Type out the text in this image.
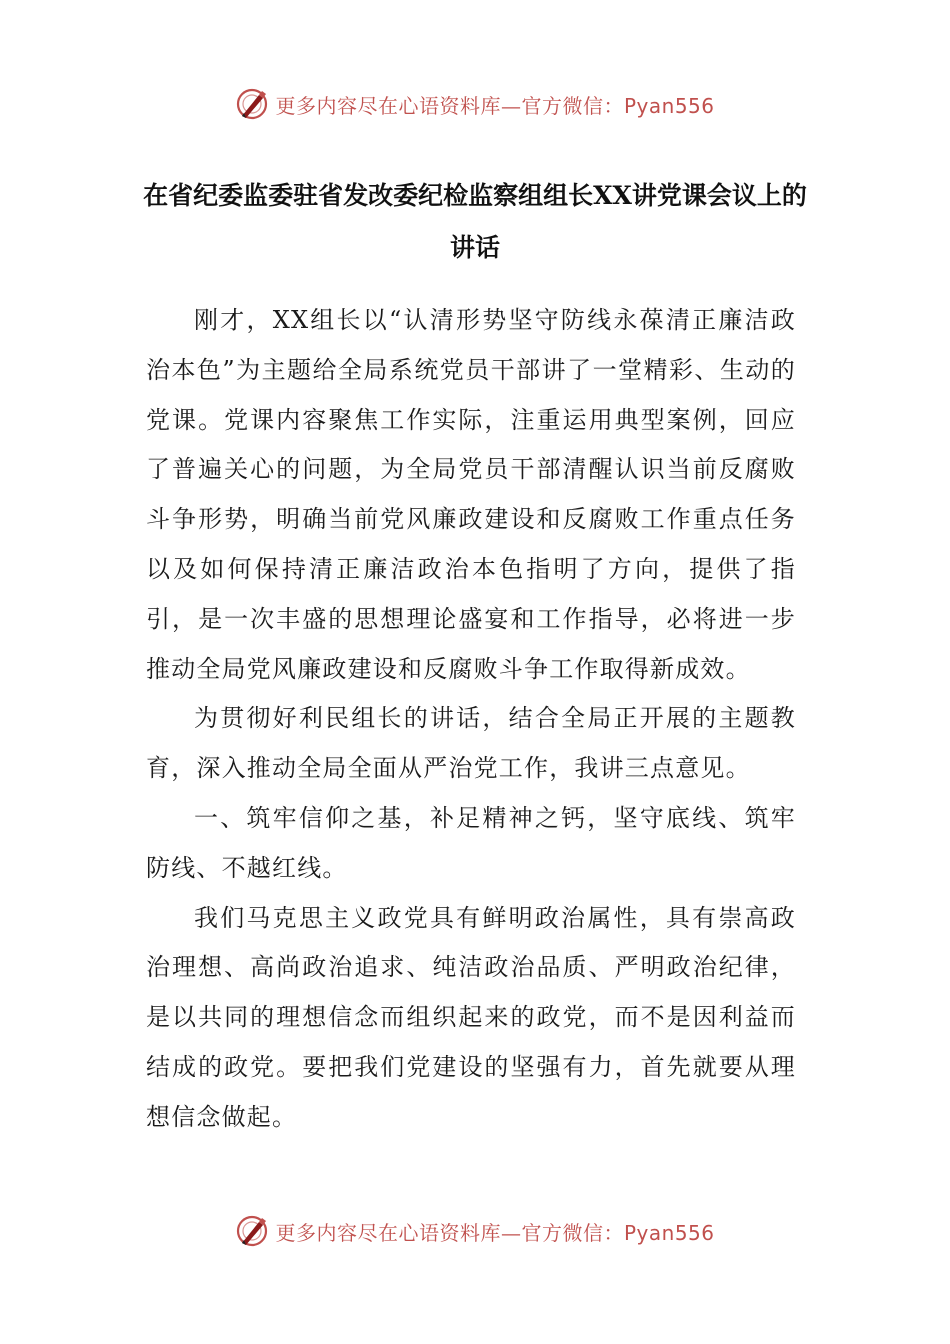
更多内容尽在心语资料库—官方微信：Pyan556
在省纪委监委驻省发改委纪检监察组组长XX讲党课会议上的讲话

刚才，XX组长以“认清形势坚守防线永葆清正廉洁政治本色”为主题给全局系统党员干部讲了一堂精彩、生动的党课。党课内容聚焦工作实际，注重运用典型案例，回应了普遍关心的问题，为全局党员干部清醒认识当前反腐败斗争形势，明确当前党风廉政建设和反腐败工作重点任务以及如何保持清正廉洁政治本色指明了方向，提供了指引，是一次丰盛的思想理论盛宴和工作指导，必将进一步推动全局党风廉政建设和反腐败斗争工作取得新成效。

为贯彻好利民组长的讲话，结合全局正开展的主题教育，深入推动全局全面从严治党工作，我讲三点意见。

一、筑牢信仰之基，补足精神之钙，坚守底线、筑牢防线、不越红线。

我们马克思主义政党具有鲜明政治属性，具有崇高政治理想、高尚政治追求、纯洁政治品质、严明政治纪律，是以共同的理想信念而组织起来的政党，而不是因利益而结成的政党。要把我们党建设的坚强有力，首先就要从理想信念做起。

更多内容尽在心语资料库—官方微信：Pyan556
